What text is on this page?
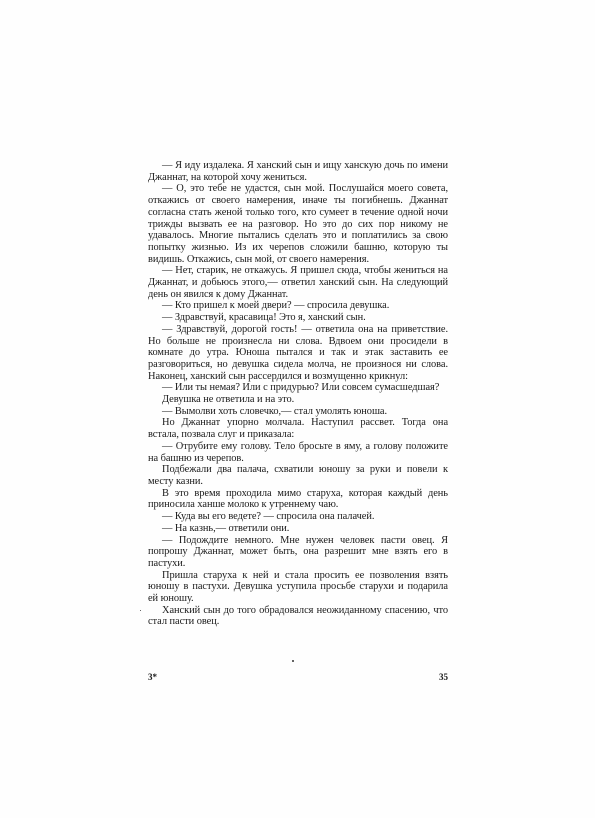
— Я иду издалека. Я ханский сын и ищу ханскую дочь по имени Джаннат, на которой хочу жениться.

— О, это тебе не удастся, сын мой. Послушайся моего совета, откажись от своего намерения, иначе ты погибнешь. Джаннат согласна стать женой только того, кто сумеет в течение одной ночи трижды вызвать ее на разговор. Но это до сих пор никому не удавалось. Многие пытались сделать это и поплатились за свою попытку жизнью. Из их черепов сложили башню, которую ты видишь. Откажись, сын мой, от своего намерения.

— Нет, старик, не откажусь. Я пришел сюда, чтобы жениться на Джаннат, и добьюсь этого,— ответил ханский сын. На следующий день он явился к дому Джаннат.

— Кто пришел к моей двери? — спросила девушка.

— Здравствуй, красавица! Это я, ханский сын.

— Здравствуй, дорогой гость! — ответила она на приветствие. Но больше не произнесла ни слова. Вдвоем они просидели в комнате до утра. Юноша пытался и так и этак заставить ее разговориться, но девушка сидела молча, не произнося ни слова. Наконец, ханский сын рассердился и возмущенно крикнул:

— Или ты немая? Или с придурью? Или совсем сумасшедшая?

Девушка не ответила и на это.

— Вымолви хоть словечко,— стал умолять юноша.

Но Джаннат упорно молчала. Наступил рассвет. Тогда она встала, позвала слуг и приказала:

— Отрубите ему голову. Тело бросьте в яму, а голову положите на башню из черепов.

Подбежали два палача, схватили юношу за руки и повели к месту казни.

В это время проходила мимо старуха, которая каждый день приносила ханше молоко к утреннему чаю.

— Куда вы его ведете? — спросила она палачей.

— На казнь,— ответили они.

— Подождите немного. Мне нужен человек пасти овец. Я попрошу Джаннат, может быть, она разрешит мне взять его в пастухи.

Пришла старуха к ней и стала просить ее позволения взять юношу в пастухи. Девушка уступила просьбе старухи и подарила ей юношу.

Ханский сын до того обрадовался неожиданному спасению, что стал пасти овец.

3*	35
